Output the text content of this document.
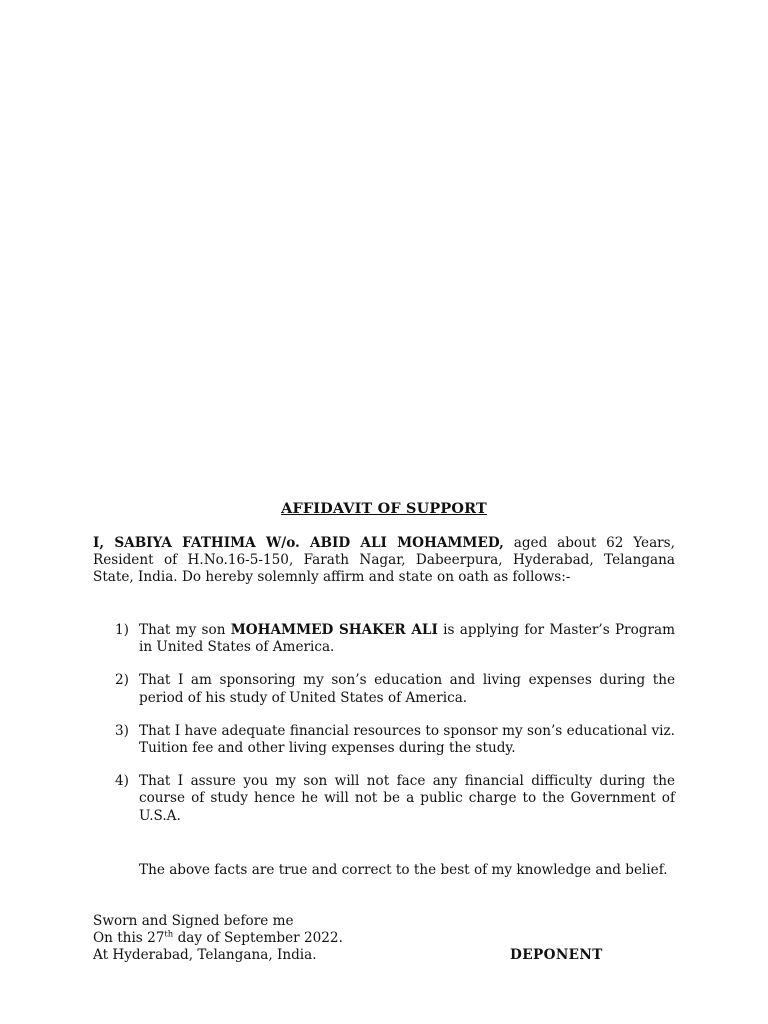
AFFIDAVIT OF SUPPORT

I, SABIYA FATHIMA W/o. ABID ALI MOHAMMED, aged about 62 Years, Resident of H.No.16-5-150, Farath Nagar, Dabeerpura, Hyderabad, Telangana State, India. Do hereby solemnly affirm and state on oath as follows:-

1) That my son MOHAMMED SHAKER ALI is applying for Master’s Program in United States of America.
2) That I am sponsoring my son’s education and living expenses during the period of his study of United States of America.
3) That I have adequate financial resources to sponsor my son’s educational viz. Tuition fee and other living expenses during the study.
4) That I assure you my son will not face any financial difficulty during the course of study hence he will not be a public charge to the Government of U.S.A.

The above facts are true and correct to the best of my knowledge and belief.

Sworn and Signed before me
On this 27th day of September 2022.
At Hyderabad, Telangana, India.	DEPONENT
